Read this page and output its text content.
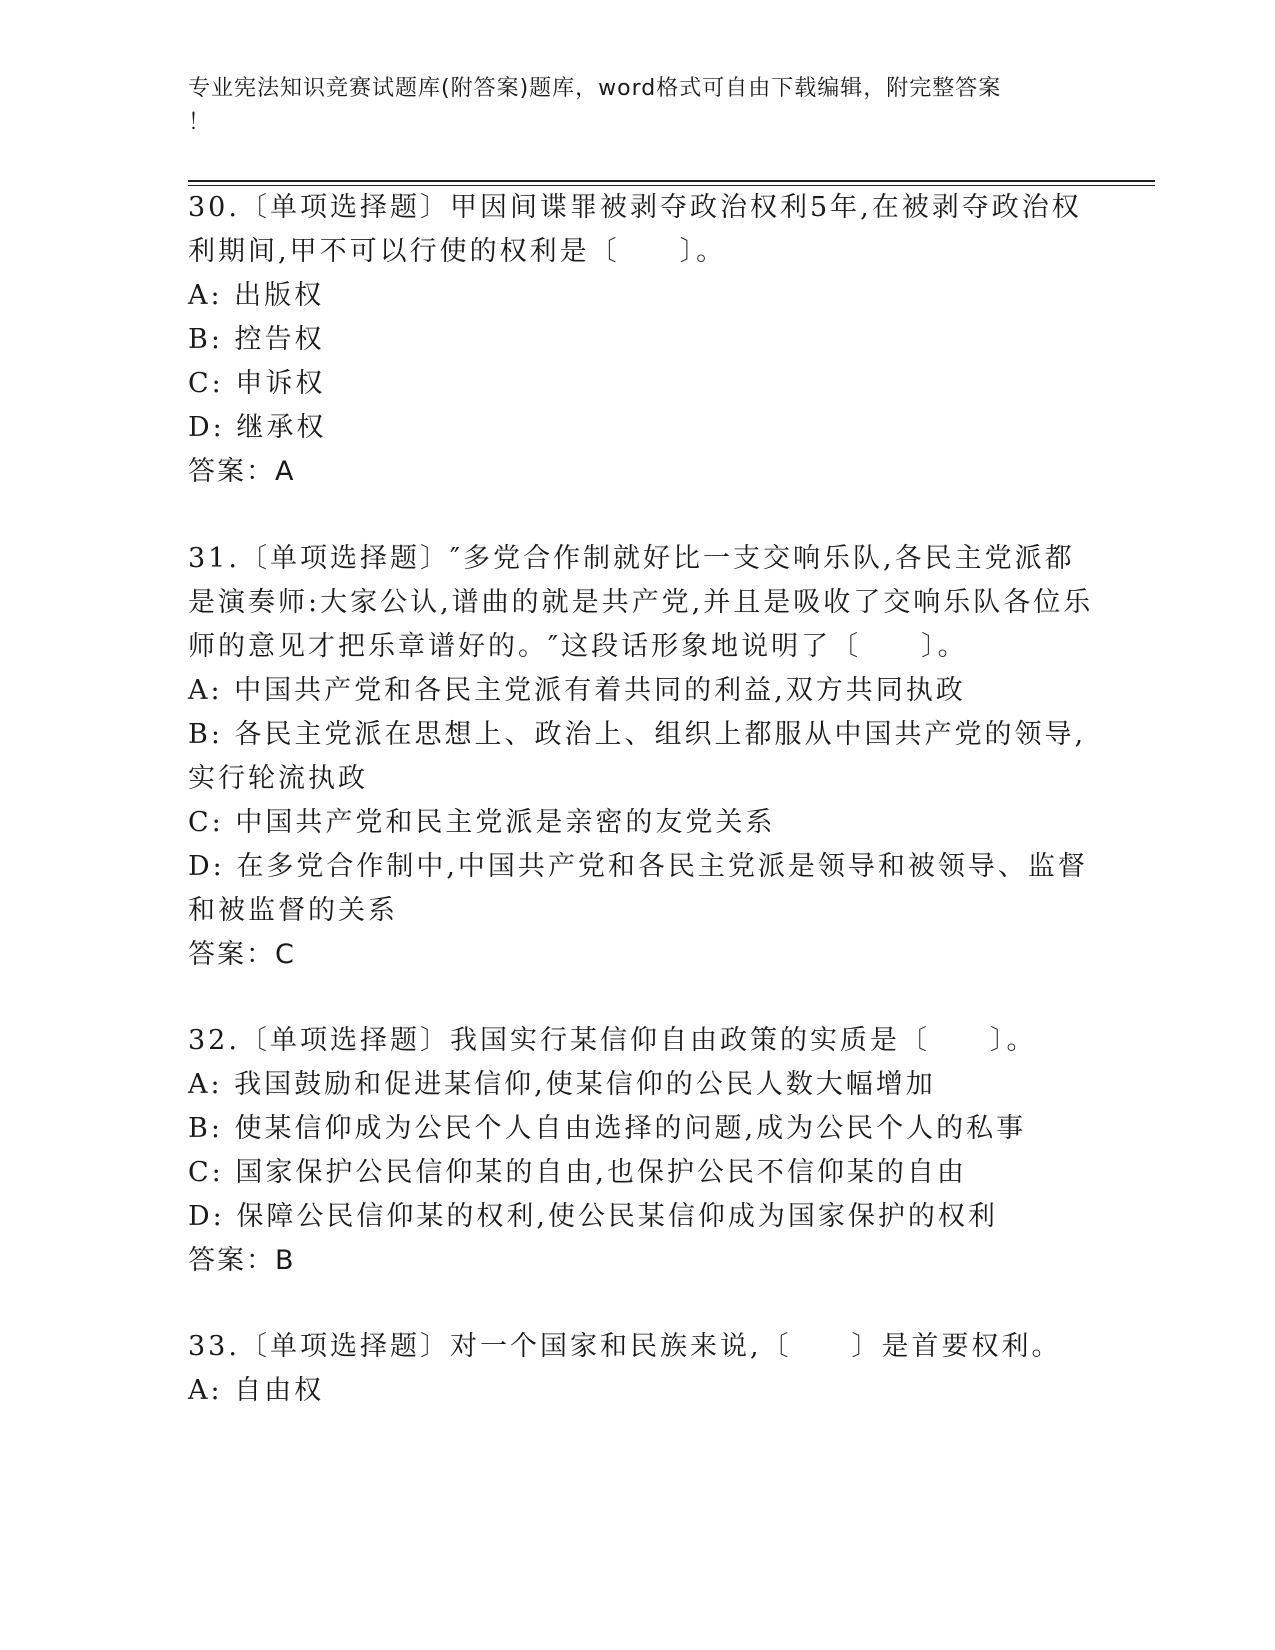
专业宪法知识竞赛试题库(附答案)题库，word格式可自由下载编辑，附完整答案
！
30.〔单项选择题〕甲因间谍罪被剥夺政治权利5年,在被剥夺政治权
利期间,甲不可以行使的权利是〔　　〕。
A: 出版权
B: 控告权
C: 申诉权
D: 继承权
答案：A
31.〔单项选择题〕″多党合作制就好比一支交响乐队,各民主党派都
是演奏师:大家公认,谱曲的就是共产党,并且是吸收了交响乐队各位乐
师的意见才把乐章谱好的。″这段话形象地说明了〔　　〕。
A: 中国共产党和各民主党派有着共同的利益,双方共同执政
B: 各民主党派在思想上、政治上、组织上都服从中国共产党的领导,
实行轮流执政
C: 中国共产党和民主党派是亲密的友党关系
D: 在多党合作制中,中国共产党和各民主党派是领导和被领导、监督
和被监督的关系
答案：C
32.〔单项选择题〕我国实行某信仰自由政策的实质是〔　　〕。
A: 我国鼓励和促进某信仰,使某信仰的公民人数大幅增加
B: 使某信仰成为公民个人自由选择的问题,成为公民个人的私事
C: 国家保护公民信仰某的自由,也保护公民不信仰某的自由
D: 保障公民信仰某的权利,使公民某信仰成为国家保护的权利
答案：B
33.〔单项选择题〕对一个国家和民族来说,〔　　〕是首要权利。
A: 自由权
